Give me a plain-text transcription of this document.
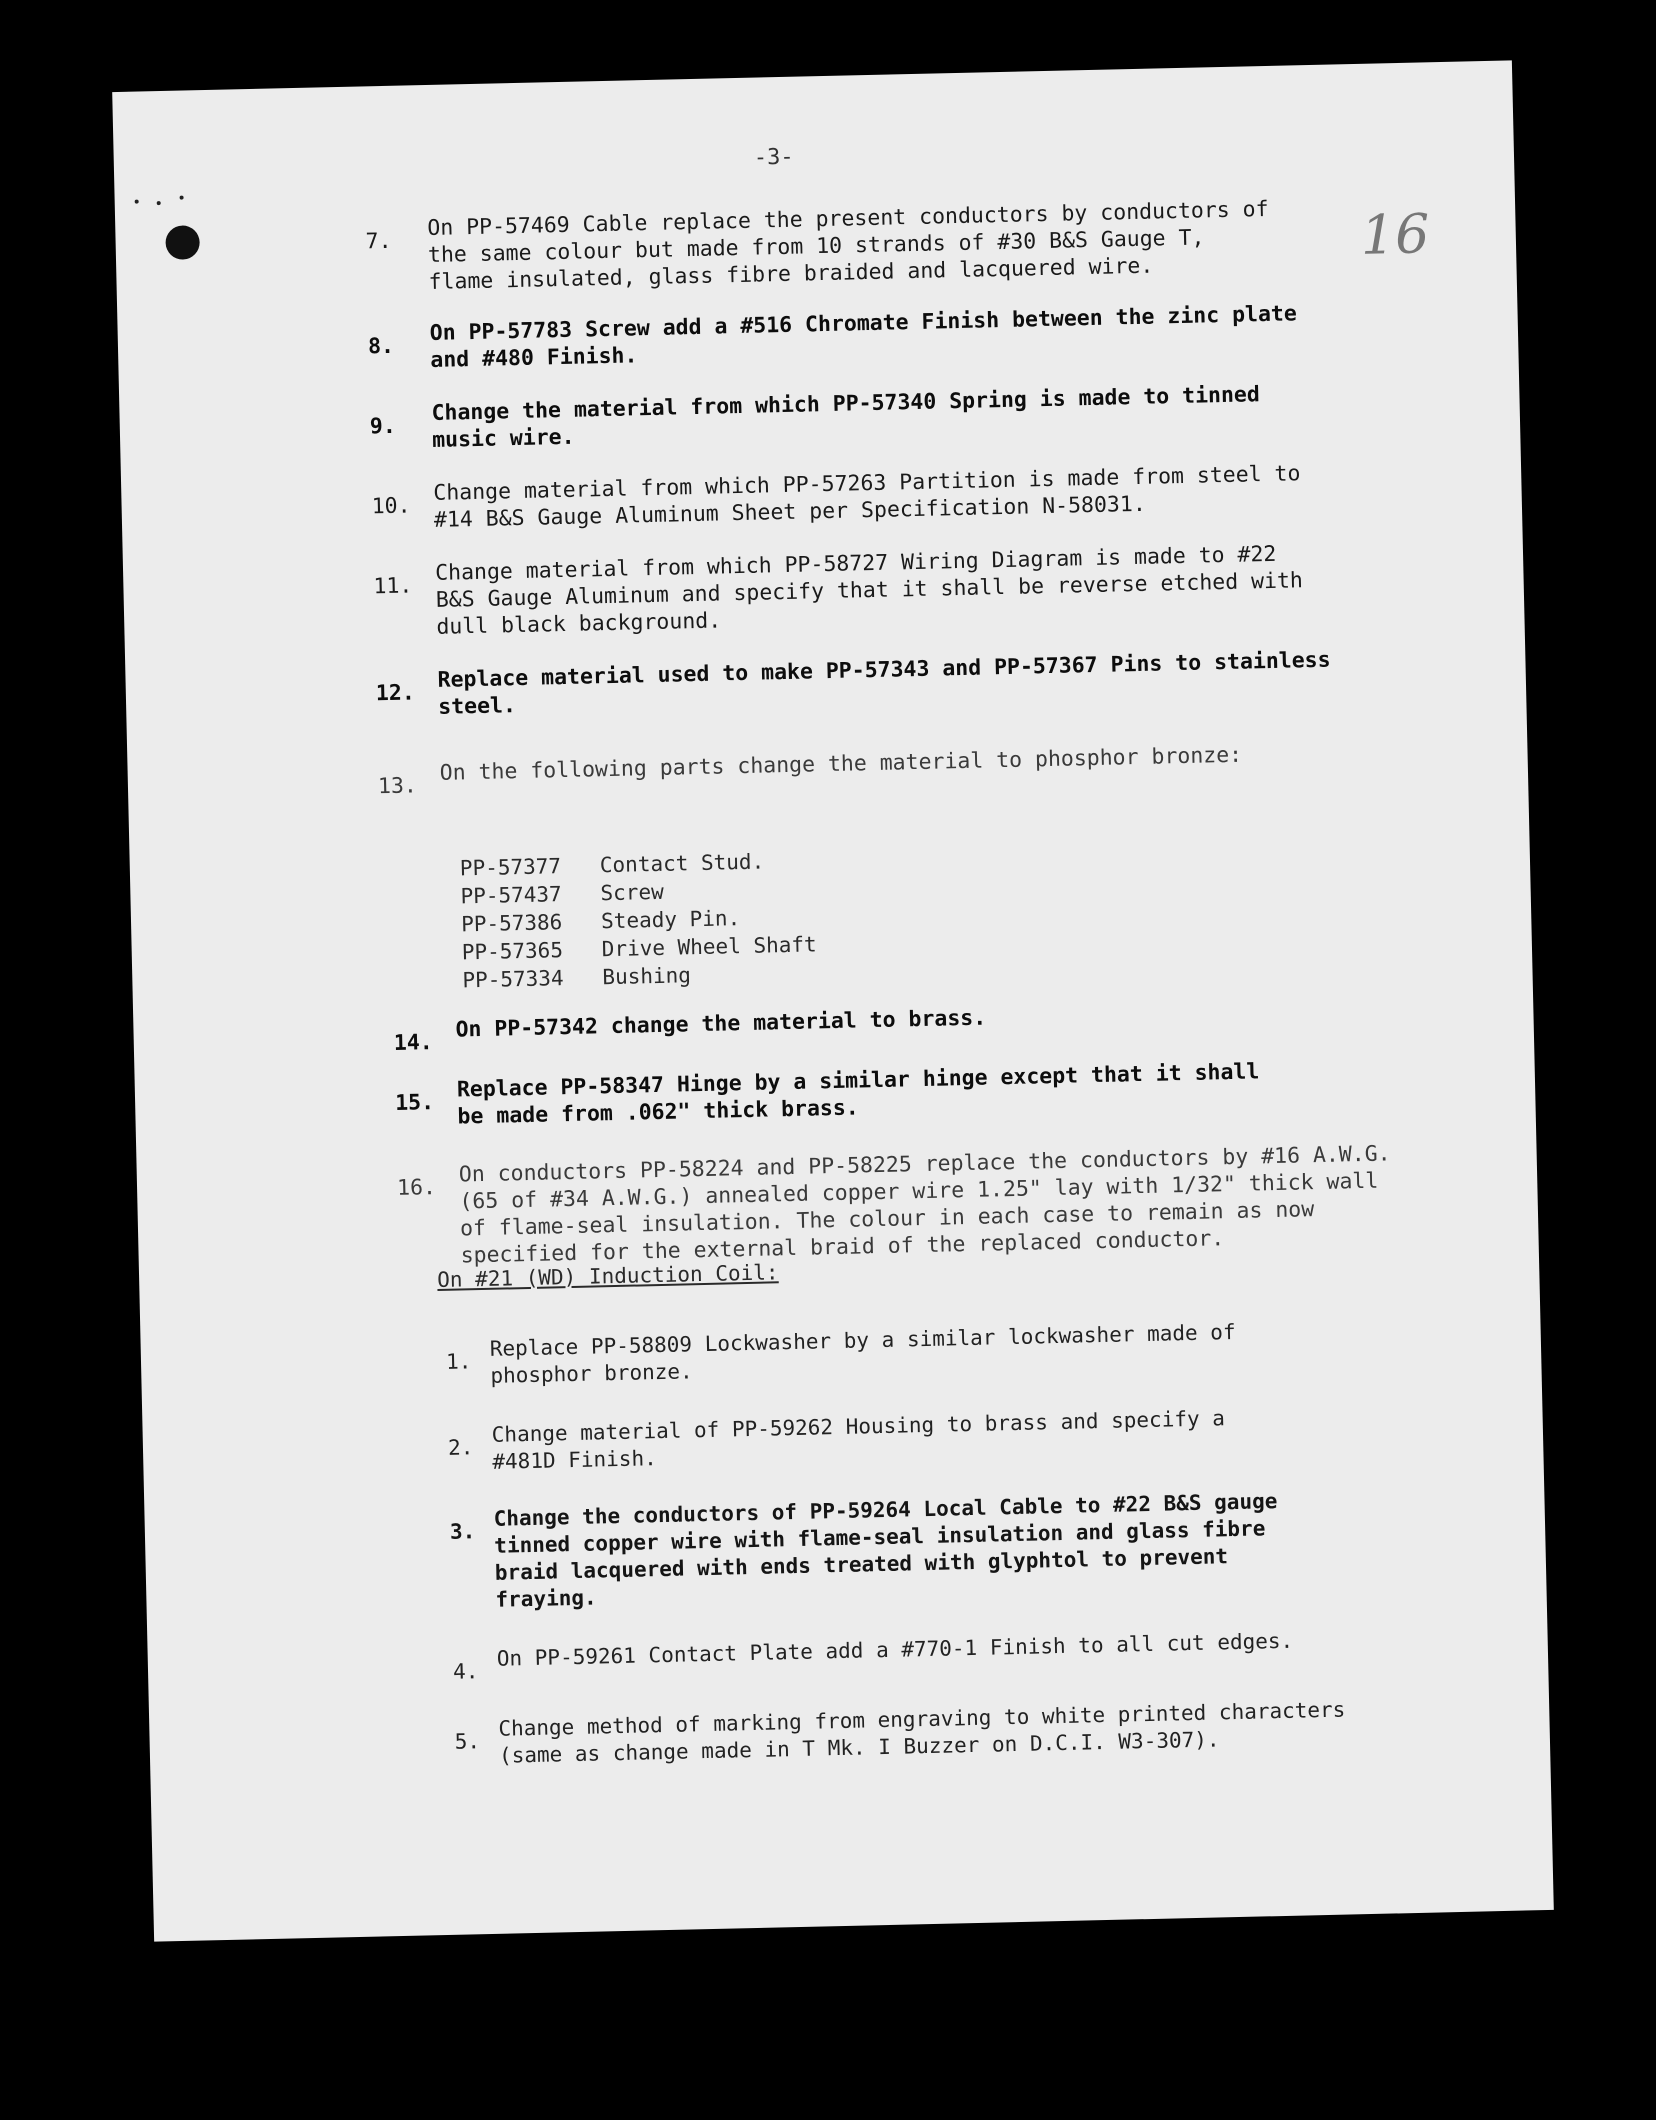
-3-
16
7.
On PP-57469 Cable replace the present conductors by conductors of
the same colour but made from 10 strands of #30 B&S Gauge T,
flame insulated, glass fibre braided and lacquered wire.
8.
On PP-57783 Screw add a #516 Chromate Finish between the zinc plate
and #480 Finish.
9.
Change the material from which PP-57340 Spring is made to tinned
music wire.
10.
Change material from which PP-57263 Partition is made from steel to
#14 B&S Gauge Aluminum Sheet per Specification N-58031.
11.
Change material from which PP-58727 Wiring Diagram is made to #22
B&S Gauge Aluminum and specify that it shall be reverse etched with
dull black background.
12.
Replace material used to make PP-57343 and PP-57367 Pins to stainless
steel.
13.
On the following parts change the material to phosphor bronze:
PP-57377	Contact Stud.
PP-57437	Screw
PP-57386	Steady Pin.
PP-57365	Drive Wheel Shaft
PP-57334	Bushing
14.
On PP-57342 change the material to brass.
15.
Replace PP-58347 Hinge by a similar hinge except that it shall
be made from .062" thick brass.
16.
On conductors PP-58224 and PP-58225 replace the conductors by #16 A.W.G.
(65 of #34 A.W.G.) annealed copper wire 1.25" lay with 1/32" thick wall
of flame-seal insulation. The colour in each case to remain as now
specified for the external braid of the replaced conductor.
On #21 (WD) Induction Coil:
1.
Replace PP-58809 Lockwasher by a similar lockwasher made of
phosphor bronze.
2.
Change material of PP-59262 Housing to brass and specify a
#481D Finish.
3.
Change the conductors of PP-59264 Local Cable to #22 B&S gauge
tinned copper wire with flame-seal insulation and glass fibre
braid lacquered with ends treated with glyphtol to prevent
fraying.
4.
On PP-59261 Contact Plate add a #770-1 Finish to all cut edges.
5.
Change method of marking from engraving to white printed characters
(same as change made in T Mk. I Buzzer on D.C.I. W3-307).
